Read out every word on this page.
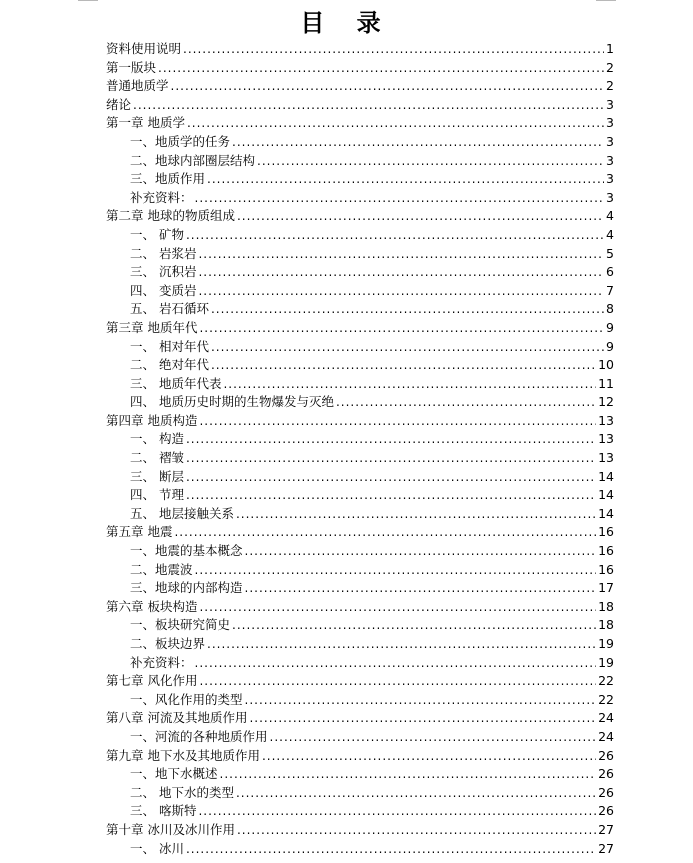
目 录
资料使用说明 .....	1
第一版块 .....	2
普通地质学 .....	2
绪论 .....	3
第一章 地质学 .....	3
一、地质学的任务 .....	3
二、地球内部圈层结构 .....	3
三、地质作用 .....	3
补充资料： .....	3
第二章 地球的物质组成 .....	4
一、 矿物 .....	4
二、 岩浆岩 .....	5
三、 沉积岩 .....	6
四、 变质岩 .....	7
五、 岩石循环 .....	8
第三章 地质年代 .....	9
一、 相对年代 .....	9
二、 绝对年代 .....	10
三、 地质年代表 .....	11
四、 地质历史时期的生物爆发与灭绝 .....	12
第四章 地质构造 .....	13
一、 构造 .....	13
二、 褶皱 .....	13
三、 断层 .....	14
四、 节理 .....	14
五、 地层接触关系 .....	14
第五章 地震 .....	16
一、地震的基本概念 .....	16
二、地震波 .....	16
三、地球的内部构造 .....	17
第六章 板块构造 .....	18
一、板块研究简史 .....	18
二、板块边界 .....	19
补充资料： .....	19
第七章 风化作用 .....	22
一、风化作用的类型 .....	22
第八章 河流及其地质作用 .....	24
一、河流的各种地质作用 .....	24
第九章 地下水及其地质作用 .....	26
一、地下水概述 .....	26
二、 地下水的类型 .....	26
三、 喀斯特 .....	26
第十章 冰川及冰川作用 .....	27
一、 冰川 .....	27
